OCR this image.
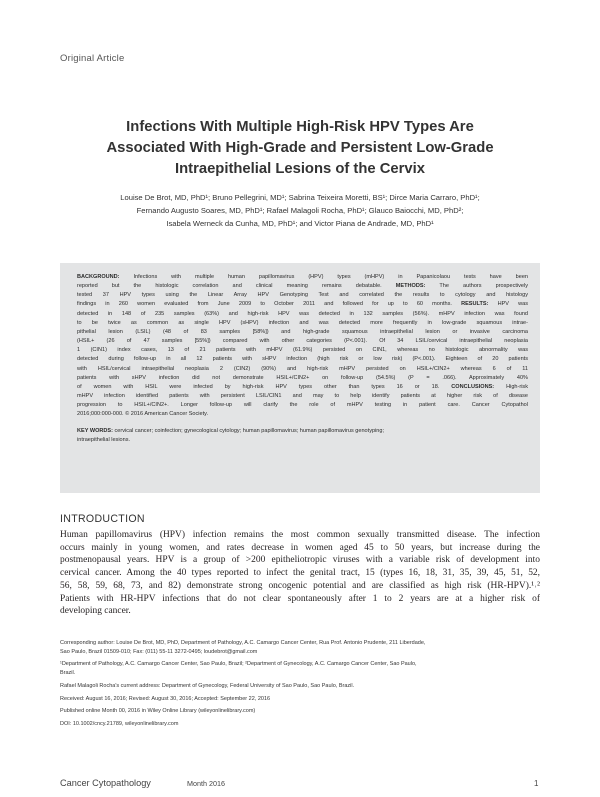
Original Article
Infections With Multiple High-Risk HPV Types Are
Associated With High-Grade and Persistent Low-Grade
Intraepithelial Lesions of the Cervix
Louise De Brot, MD, PhD¹; Bruno Pellegrini, MD¹; Sabrina Teixeira Moretti, BS¹; Dirce Maria Carraro, PhD¹;
Fernando Augusto Soares, MD, PhD¹; Rafael Malagoli Rocha, PhD¹; Glauco Baiocchi, MD, PhD²;
Isabela Werneck da Cunha, MD, PhD¹; and Victor Piana de Andrade, MD, PhD¹
BACKGROUND: Infections with multiple human papillomavirus (HPV) types (mHPV) in Papanicolaou tests have been
reported but the histologic correlation and clinical meaning remains debatable. METHODS: The authors prospectively
tested 37 HPV types using the Linear Array HPV Genotyping Test and correlated the results to cytology and histology
findings in 260 women evaluated from June 2009 to October 2011 and followed for up to 60 months. RESULTS: HPV was
detected in 148 of 235 samples (63%) and high-risk HPV was detected in 132 samples (56%). mHPV infection was found
to be twice as common as single HPV (sHPV) infection and was detected more frequently in low-grade squamous intrae-
pithelial lesion (LSIL) (48 of 83 samples [58%]) and high-grade squamous intraepithelial lesion or invasive carcinoma
(HSIL+ (26 of 47 samples [55%]) compared with other categories (P<.001). Of 34 LSIL/cervical intraepithelial neoplasia
1 (CIN1) index cases, 13 of 21 patients with mHPV (61.9%) persisted on CIN1, whereas no histologic abnormality was
detected during follow-up in all 12 patients with sHPV infection (high risk or low risk) (P<.001). Eighteen of 20 patients
with HSIL/cervical intraepithelial neoplasia 2 (CIN2) (90%) and high-risk mHPV persisted on HSIL+/CIN2+ whereas 6 of 11
patients with sHPV infection did not demonstrate HSIL+/CIN2+ on follow-up (54.5%) (P = .066). Approximately 40%
of women with HSIL were infected by high-risk HPV types other than types 16 or 18. CONCLUSIONS: High-risk
mHPV infection identified patients with persistent LSIL/CIN1 and may to help identify patients at higher risk of disease
progression to HSIL+/CIN2+. Longer follow-up will clarify the role of mHPV testing in patient care. Cancer Cytopathol
2016;000:000-000. © 2016 American Cancer Society.
KEY WORDS: cervical cancer; coinfection; gynecological cytology; human papillomavirus; human papillomavirus genotyping;
intraepithelial lesions.
INTRODUCTION
Human papillomavirus (HPV) infection remains the most common sexually transmitted disease. The infection
occurs mainly in young women, and rates decrease in women aged 45 to 50 years, but increase during the
postmenopausal years. HPV is a group of >200 epitheliotropic viruses with a variable risk of development into
cervical cancer. Among the 40 types reported to infect the genital tract, 15 (types 16, 18, 31, 35, 39, 45, 51, 52,
56, 58, 59, 68, 73, and 82) demonstrate strong oncogenic potential and are classified as high risk (HR-HPV).¹˒²
Patients with HR-HPV infections that do not clear spontaneously after 1 to 2 years are at a higher risk of
developing cancer.
Corresponding author: Louise De Brot, MD, PhD, Department of Pathology, A.C. Camargo Cancer Center, Rua Prof. Antonio Prudente, 211 Liberdade,
Sao Paulo, Brazil 01509-010; Fax: (011) 55-11 3272-0495; loudebrot@gmail.com
¹Department of Pathology, A.C. Camargo Cancer Center, Sao Paulo, Brazil; ²Department of Gynecology, A.C. Camargo Cancer Center, Sao Paulo,
Brazil.
Rafael Malagoli Rocha's current address: Department of Gynecology, Federal University of Sao Paulo, Sao Paulo, Brazil.
Received: August 16, 2016; Revised: August 30, 2016; Accepted: September 22, 2016
Published online Month 00, 2016 in Wiley Online Library (wileyonlinelibrary.com)
DOI: 10.1002/cncy.21789, wileyonlinelibrary.com
Cancer Cytopathology	Month 2016	1
